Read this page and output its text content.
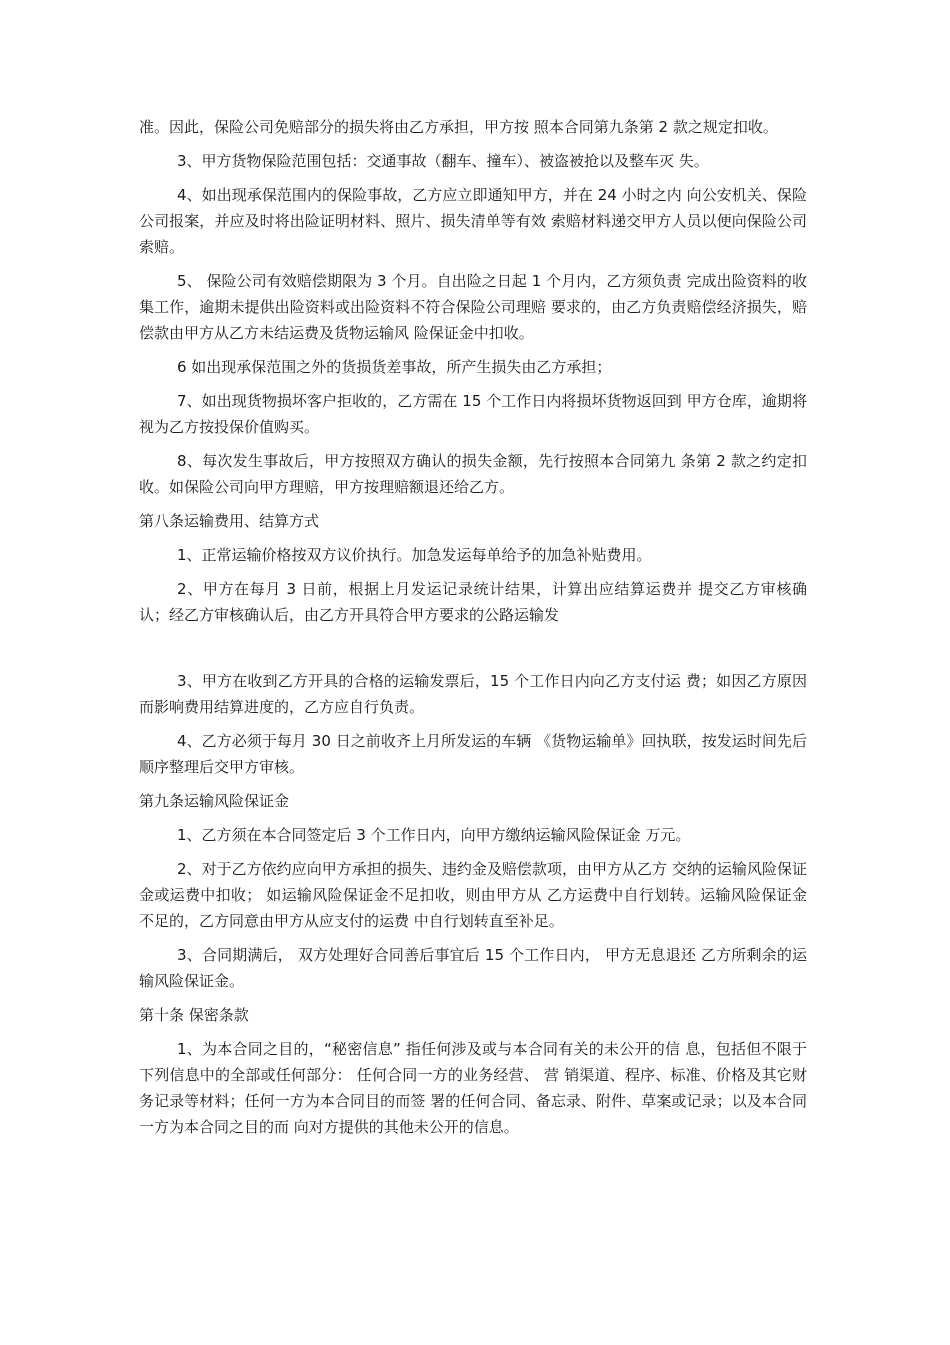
准。因此，保险公司免赔部分的损失将由乙方承担，甲方按 照本合同第九条第 2 款之规定扣收。

3、甲方货物保险范围包括：交通事故（翻车、撞车）、被盗被抢以及整车灭 失。

4、如出现承保范围内的保险事故，乙方应立即通知甲方，并在 24 小时之内 向公安机关、保险公司报案，并应及时将出险证明材料、照片、损失清单等有效 索赔材料递交甲方人员以便向保险公司索赔。

5、 保险公司有效赔偿期限为 3 个月。自出险之日起 1 个月内，乙方须负责 完成出险资料的收集工作，逾期未提供出险资料或出险资料不符合保险公司理赔 要求的，由乙方负责赔偿经济损失，赔偿款由甲方从乙方未结运费及货物运输风 险保证金中扣收。

6 如出现承保范围之外的货损货差事故，所产生损失由乙方承担；

7、如出现货物损坏客户拒收的，乙方需在 15 个工作日内将损坏货物返回到 甲方仓库，逾期将视为乙方按投保价值购买。

8、每次发生事故后，甲方按照双方确认的损失金额，先行按照本合同第九 条第 2 款之约定扣收。如保险公司向甲方理赔，甲方按理赔额退还给乙方。

第八条运输费用、结算方式

1、正常运输价格按双方议价执行。加急发运每单给予的加急补贴费用。

2、甲方在每月 3 日前，根据上月发运记录统计结果，计算出应结算运费并 提交乙方审核确认；经乙方审核确认后，由乙方开具符合甲方要求的公路运输发

3、甲方在收到乙方开具的合格的运输发票后，15 个工作日内向乙方支付运 费；如因乙方原因而影响费用结算进度的，乙方应自行负责。

4、乙方必须于每月 30 日之前收齐上月所发运的车辆 《货物运输单》回执联，按发运时间先后顺序整理后交甲方审核。

第九条运输风险保证金

1、乙方须在本合同签定后 3 个工作日内，向甲方缴纳运输风险保证金 万元。

2、对于乙方依约应向甲方承担的损失、违约金及赔偿款项，由甲方从乙方 交纳的运输风险保证金或运费中扣收； 如运输风险保证金不足扣收，则由甲方从 乙方运费中自行划转。运输风险保证金不足的，乙方同意由甲方从应支付的运费 中自行划转直至补足。

3、合同期满后， 双方处理好合同善后事宜后 15 个工作日内， 甲方无息退还 乙方所剩余的运输风险保证金。

第十条 保密条款

1、为本合同之目的，“秘密信息” 指任何涉及或与本合同有关的未公开的信 息，包括但不限于下列信息中的全部或任何部分： 任何合同一方的业务经营、 营 销渠道、程序、标准、价格及其它财务记录等材料；任何一方为本合同目的而签 署的任何合同、备忘录、附件、草案或记录；以及本合同一方为本合同之目的而 向对方提供的其他未公开的信息。
